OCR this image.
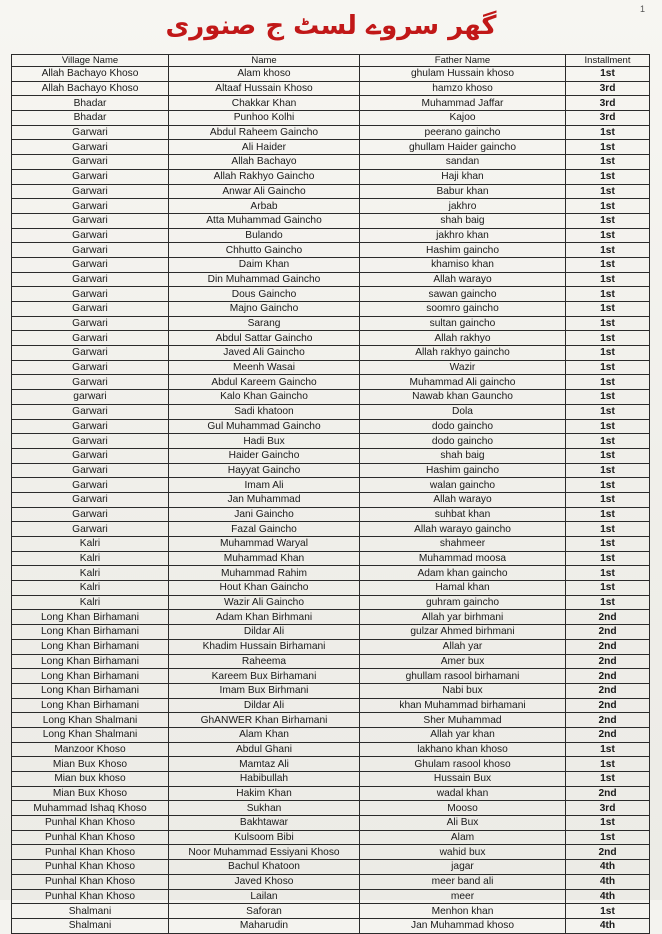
گھر سروے لسٹ ج صنوری
1
Village Name	Name	Father Name	Installment
Allah Bachayo Khoso	Alam khoso	ghulam Hussain khoso	1st
Allah Bachayo Khoso	Altaaf Hussain Khoso	hamzo khoso	3rd
Bhadar	Chakkar Khan	Muhammad Jaffar	3rd
Bhadar	Punhoo Kolhi	Kajoo	3rd
Garwari	Abdul Raheem Gaincho	peerano gaincho	1st
Garwari	Ali Haider	ghullam Haider gaincho	1st
Garwari	Allah Bachayo	sandan	1st
Garwari	Allah Rakhyo Gaincho	Haji khan	1st
Garwari	Anwar Ali Gaincho	Babur khan	1st
Garwari	Arbab	jakhro	1st
Garwari	Atta Muhammad Gaincho	shah baig	1st
Garwari	Bulando	jakhro khan	1st
Garwari	Chhutto Gaincho	Hashim gaincho	1st
Garwari	Daim Khan	khamiso khan	1st
Garwari	Din Muhammad Gaincho	Allah warayo	1st
Garwari	Dous Gaincho	sawan gaincho	1st
Garwari	Majno Gaincho	soomro gaincho	1st
Garwari	Sarang	sultan gaincho	1st
Garwari	Abdul Sattar Gaincho	Allah rakhyo	1st
Garwari	Javed Ali Gaincho	Allah rakhyo gaincho	1st
Garwari	Meenh Wasai	Wazir	1st
Garwari	Abdul Kareem Gaincho	Muhammad Ali gaincho	1st
garwari	Kalo Khan Gaincho	Nawab khan Gauncho	1st
Garwari	Sadi khatoon	Dola	1st
Garwari	Gul Muhammad Gaincho	dodo gaincho	1st
Garwari	Hadi Bux	dodo gaincho	1st
Garwari	Haider Gaincho	shah baig	1st
Garwari	Hayyat Gaincho	Hashim gaincho	1st
Garwari	Imam Ali	walan gaincho	1st
Garwari	Jan Muhammad	Allah warayo	1st
Garwari	Jani Gaincho	suhbat khan	1st
Garwari	Fazal Gaincho	Allah warayo gaincho	1st
Kalri	Muhammad Waryal	shahmeer	1st
Kalri	Muhammad Khan	Muhammad moosa	1st
Kalri	Muhammad Rahim	Adam khan gaincho	1st
Kalri	Hout Khan Gaincho	Hamal khan	1st
Kalri	Wazir Ali Gaincho	guhram gaincho	1st
Long Khan Birhamani	Adam Khan Birhmani	Allah yar birhmani	2nd
Long Khan Birhamani	Dildar Ali	gulzar Ahmed birhmani	2nd
Long Khan Birhamani	Khadim Hussain Birhamani	Allah yar	2nd
Long Khan Birhamani	Raheema	Amer bux	2nd
Long Khan Birhamani	Kareem Bux Birhamani	ghullam rasool birhamani	2nd
Long Khan Birhamani	Imam Bux Birhmani	Nabi bux	2nd
Long Khan Birhamani	Dildar Ali	khan Muhammad birhamani	2nd
Long Khan Shalmani	GhANWER Khan Birhamani	Sher Muhammad	2nd
Long Khan Shalmani	Alam Khan	Allah yar khan	2nd
Manzoor Khoso	Abdul Ghani	lakhano khan khoso	1st
Mian Bux Khoso	Mamtaz Ali	Ghulam rasool khoso	1st
Mian bux khoso	Habibullah	Hussain Bux	1st
Mian Bux Khoso	Hakim Khan	wadal khan	2nd
Muhammad Ishaq Khoso	Sukhan	Mooso	3rd
Punhal Khan Khoso	Bakhtawar	Ali Bux	1st
Punhal Khan Khoso	Kulsoom Bibi	Alam	1st
Punhal Khan Khoso	Noor Muhammad Essiyani Khoso	wahid bux	2nd
Punhal Khan Khoso	Bachul Khatoon	jagar	4th
Punhal Khan Khoso	Javed Khoso	meer band ali	4th
Punhal Khan Khoso	Lailan	meer	4th
Shalmani	Saforan	Menhon khan	1st
Shalmani	Maharudin	Jan Muhammad khoso	4th
